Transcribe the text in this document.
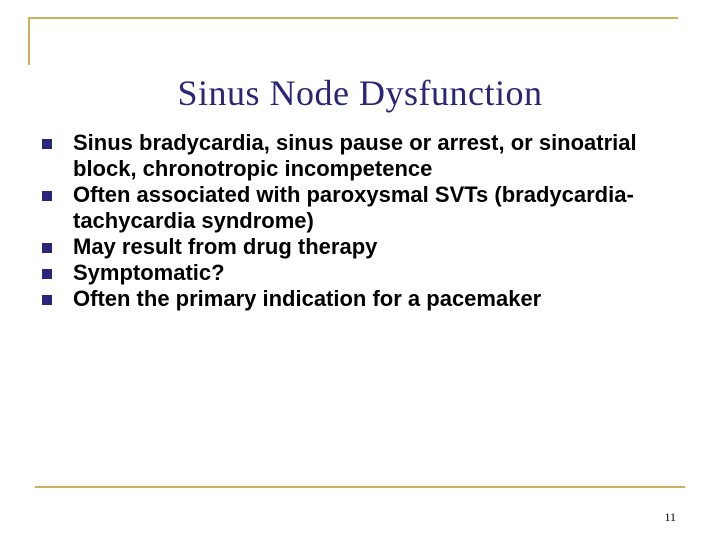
Sinus Node Dysfunction
Sinus bradycardia, sinus pause or arrest, or sinoatrial block, chronotropic incompetence
Often associated with paroxysmal SVTs (bradycardia-tachycardia syndrome)
May result from drug therapy
Symptomatic?
Often the primary indication for a pacemaker
11
